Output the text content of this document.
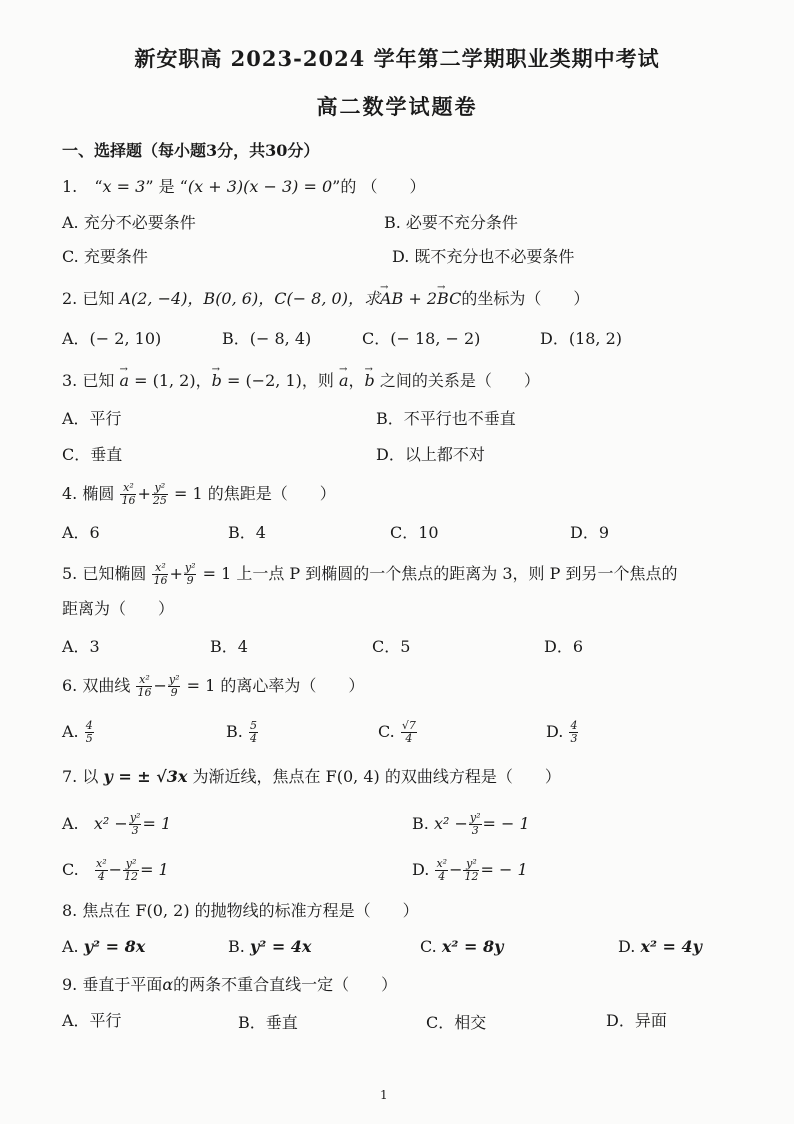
新安职高 2023-2024 学年第二学期职业类期中考试
高二数学试题卷
一、选择题（每小题3分，共30分）
1. “x = 3” 是 “(x + 3)(x − 3) = 0”的 （　　）
A. 充分不必要条件	B. 必要不充分条件
C. 充要条件	D. 既不充分也不必要条件
2. 已知 A(2, −4)，B(0, 6)，C(− 8, 0)，求→ AB + 2→ BC的坐标为（　　）
A．(− 2, 10)	B．(− 8, 4)	C．(− 18, − 2)	D．(18, 2)
3. 已知 → a = (1, 2)，→ b = (−2, 1)，则 → a，→ b 之间的关系是（　　）
A．平行	B．不平行也不垂直
C．垂直	D．以上都不对
4. 椭圆 $\frac{\text{x²}}{16} + \frac{\text{y²}}{25} = 1$ 的焦距是（　　）
A．6	B．4	C．10	D．9
5. 已知椭圆 $\frac{\text{x²}}{16} + \frac{\text{y²}}{9} = 1$ 上一点 P 到椭圆的一个焦点的距离为 3，则 P 到另一个焦点的
距离为（　　）
A．3	B．4	C．5	D．6
6. 双曲线 $\frac{\text{x²}}{16} - \frac{\text{y²}}{9} = 1$ 的离心率为（　　）
A. $\frac{4}{5}$	B. $\frac{5}{4}$	C. $\frac{√7}{4}$	D. $\frac{4}{3}$
7. 以 y = ± √3x 为渐近线，焦点在 F(0, 4) 的双曲线方程是（　　）
A. $x^2 - \frac{\text{y²}}{3} = 1$	B. $x^2 - \frac{\text{y²}}{3}$ = − 1
C. $\frac{\text{x²}}{4} - \frac{\text{y²}}{12} = 1$	D. $\frac{\text{x²}}{4} - \frac{\text{y²}}{12}$ = − 1
8. 焦点在 F(0, 2) 的抛物线的标准方程是（　　）
A. y² = 8x	B. y² = 4x	C. x² = 8y	D. x² = 4y
9. 垂直于平面α的两条不重合直线一定（　　）
A．平行	B．垂直	C．相交	D．异面
1
